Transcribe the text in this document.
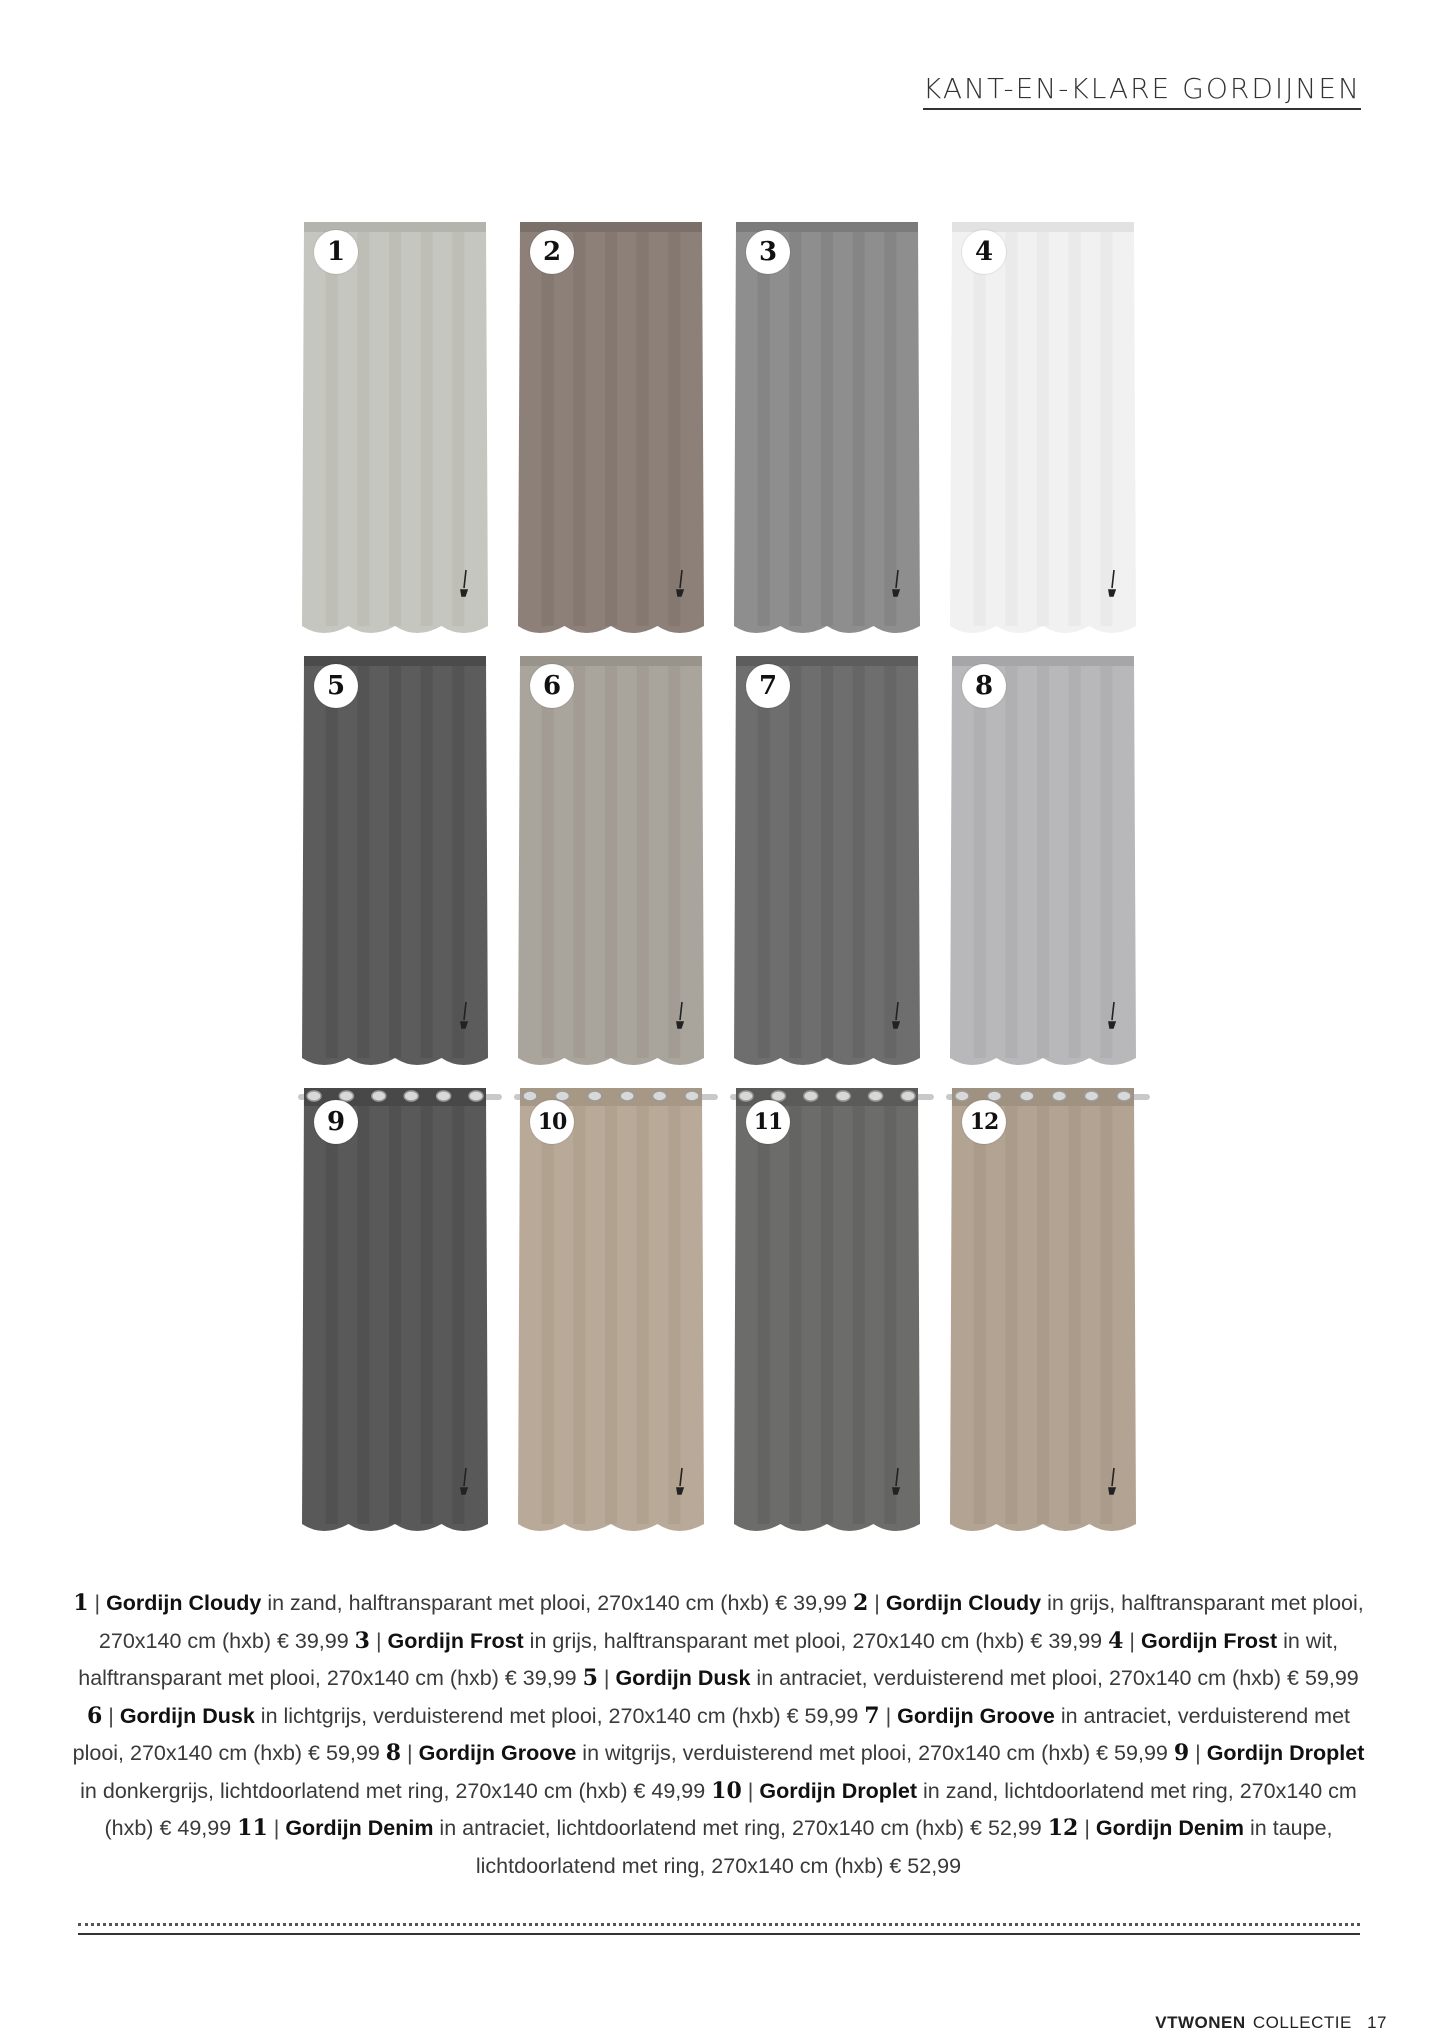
KANT-EN-KLARE GORDIJNEN
1	2	3	4
5	6	7	8
9	10	11	12
1 | Gordijn Cloudy in zand, halftransparant met plooi, 270x140 cm (hxb) € 39,99 2 | Gordijn Cloudy in grijs, halftransparant met plooi, 270x140 cm (hxb) € 39,99 3 | Gordijn Frost in grijs, halftransparant met plooi, 270x140 cm (hxb) € 39,99 4 | Gordijn Frost in wit, halftransparant met plooi, 270x140 cm (hxb) € 39,99 5 | Gordijn Dusk in antraciet, verduisterend met plooi, 270x140 cm (hxb) € 59,99 6 | Gordijn Dusk in lichtgrijs, verduisterend met plooi, 270x140 cm (hxb) € 59,99 7 | Gordijn Groove in antraciet, verduisterend met plooi, 270x140 cm (hxb) € 59,99 8 | Gordijn Groove in witgrijs, verduisterend met plooi, 270x140 cm (hxb) € 59,99 9 | Gordijn Droplet in donkergrijs, lichtdoorlatend met ring, 270x140 cm (hxb) € 49,99 10 | Gordijn Droplet in zand, lichtdoorlatend met ring, 270x140 cm (hxb) € 49,99 11 | Gordijn Denim in antraciet, lichtdoorlatend met ring, 270x140 cm (hxb) € 52,99 12 | Gordijn Denim in taupe, lichtdoorlatend met ring, 270x140 cm (hxb) € 52,99
VTWONEN COLLECTIE 17
